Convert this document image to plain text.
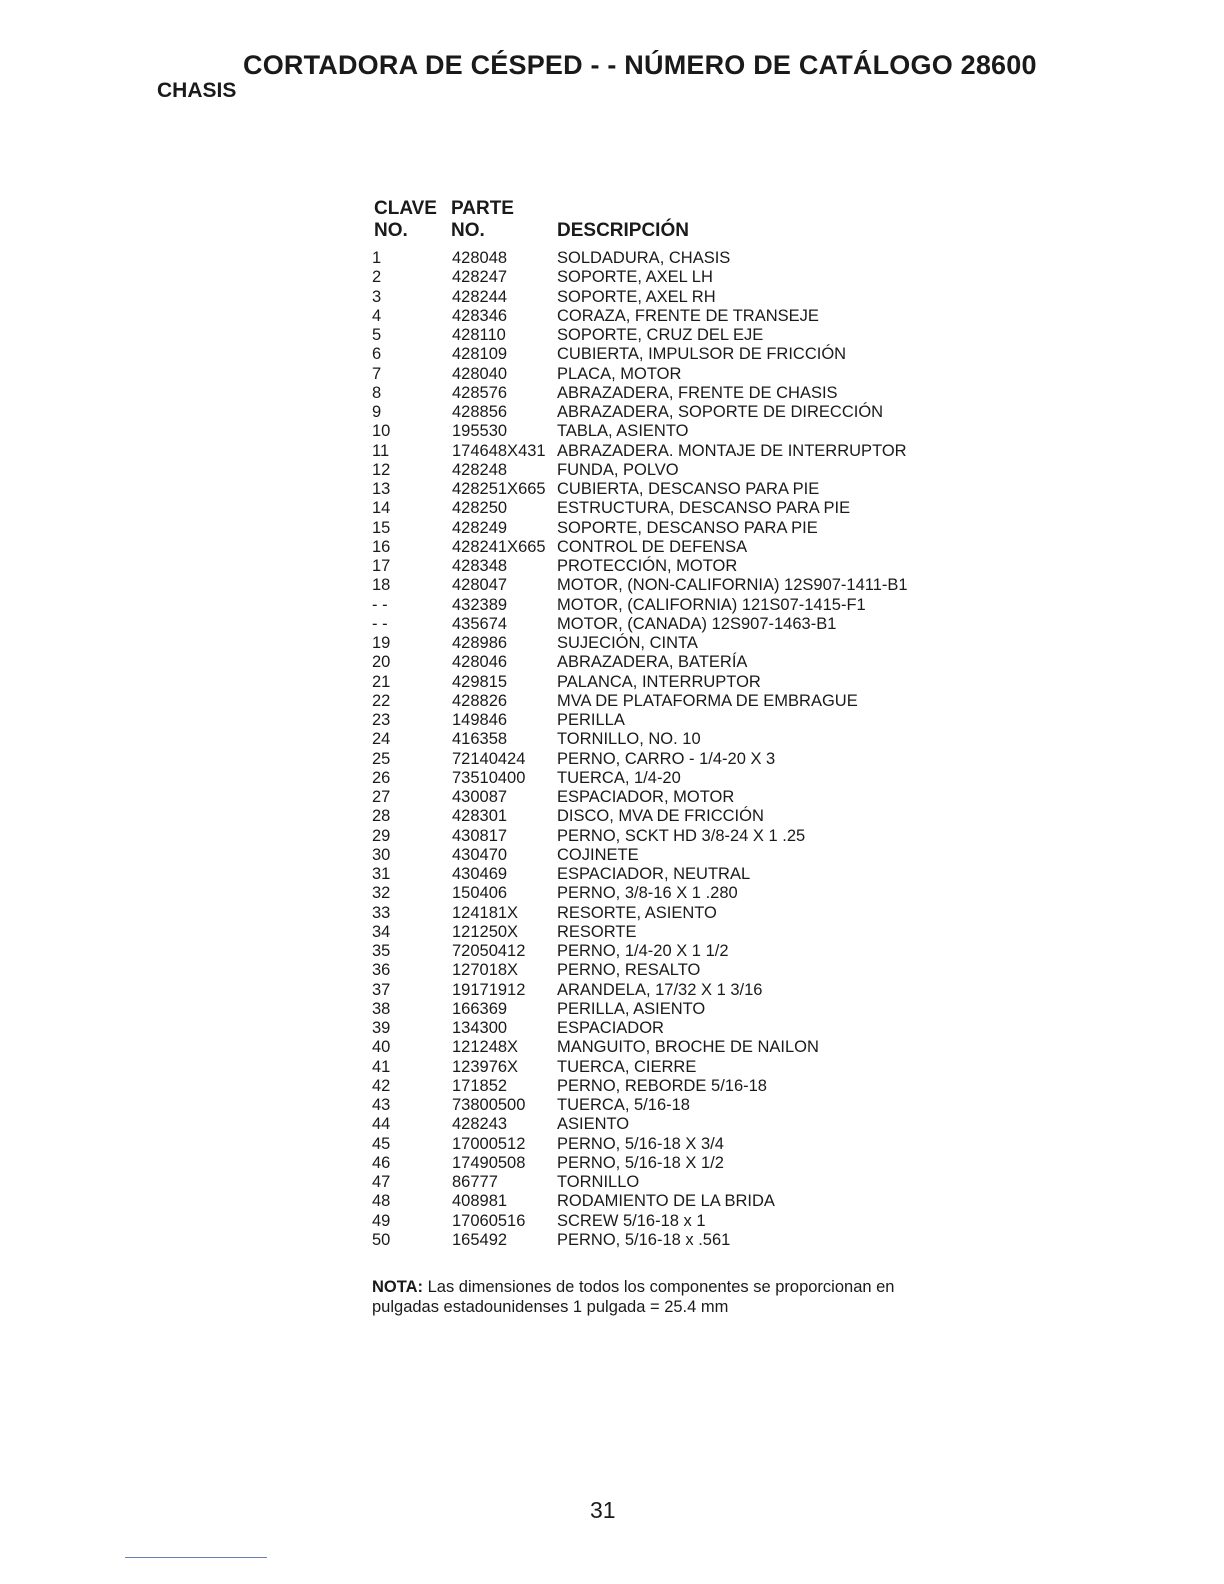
CORTADORA DE CÉSPED - - NÚMERO DE CATÁLOGO 28600
CHASIS
CLAVE PARTE
NO. NO.	DESCRIPCIÓN
1	428048	SOLDADURA, CHASIS
2	428247	SOPORTE, AXEL LH
3	428244	SOPORTE, AXEL RH
4	428346	CORAZA, FRENTE DE TRANSEJE
5	428110	SOPORTE, CRUZ DEL EJE
6	428109	CUBIERTA, IMPULSOR DE FRICCIÓN
7	428040	PLACA, MOTOR
8	428576	ABRAZADERA, FRENTE DE CHASIS
9	428856	ABRAZADERA, SOPORTE DE DIRECCIÓN
10	195530	TABLA, ASIENTO
11	174648X431 ABRAZADERA. MONTAJE DE INTERRUPTOR
12	428248	FUNDA, POLVO
13	428251X665 CUBIERTA, DESCANSO PARA PIE
14	428250	ESTRUCTURA, DESCANSO PARA PIE
15	428249	SOPORTE, DESCANSO PARA PIE
16	428241X665 CONTROL DE DEFENSA
17	428348	PROTECCIÓN, MOTOR
18	428047	MOTOR, (NON-CALIFORNIA) 12S907-1411-B1
- -	432389	MOTOR, (CALIFORNIA) 121S07-1415-F1
- -	435674	MOTOR, (CANADA) 12S907-1463-B1
19	428986	SUJECIÓN, CINTA
20	428046	ABRAZADERA, BATERÍA
21	429815	PALANCA, INTERRUPTOR
22	428826	MVA DE PLATAFORMA DE EMBRAGUE
23	149846	PERILLA
24	416358	TORNILLO, NO. 10
25	72140424 PERNO, CARRO - 1/4-20 X 3
26	73510400 TUERCA, 1/4-20
27	430087	ESPACIADOR, MOTOR
28	428301	DISCO, MVA DE FRICCIÓN
29	430817	PERNO, SCKT HD 3/8-24 X 1 .25
30	430470	COJINETE
31	430469	ESPACIADOR, NEUTRAL
32	150406	PERNO, 3/8-16 X 1 .280
33	124181X RESORTE, ASIENTO
34	121250X RESORTE
35	72050412 PERNO, 1/4-20 X 1 1/2
36	127018X PERNO, RESALTO
37	19171912 ARANDELA, 17/32 X 1 3/16
38	166369	PERILLA, ASIENTO
39	134300	ESPACIADOR
40	121248X MANGUITO, BROCHE DE NAILON
41	123976X TUERCA, CIERRE
42	171852	PERNO, REBORDE 5/16-18
43	73800500 TUERCA, 5/16-18
44	428243	ASIENTO
45	17000512 PERNO, 5/16-18 X 3/4
46	17490508 PERNO, 5/16-18 X 1/2
47	86777	TORNILLO
48	408981	RODAMIENTO DE LA BRIDA
49	17060516 SCREW 5/16-18 x 1
50	165492	PERNO, 5/16-18 x .561
NOTA: Las dimensiones de todos los componentes se proporcionan en pulgadas estadounidenses 1 pulgada = 25.4 mm
31
